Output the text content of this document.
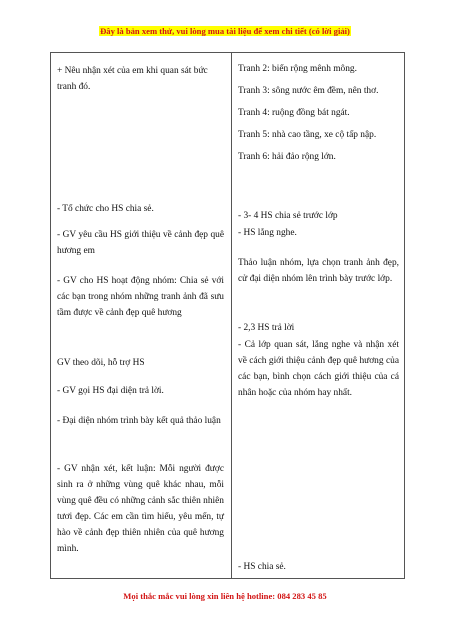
Đây là bản xem thử, vui lòng mua tài liệu để xem chi tiết (có lời giải)
+ Nêu nhận xét của em khi quan sát bức tranh đó.
- Tổ chức cho HS chia sẻ.
- GV yêu cầu HS giới thiệu về cảnh đẹp quê hương em
- GV cho HS hoạt động nhóm: Chia sẻ với các bạn trong nhóm những tranh ảnh đã sưu tầm được về cảnh đẹp quê hương
GV theo dõi, hỗ trợ HS
- GV gọi HS đại diện trả lời.
- Đại diện nhóm trình bày kết quả thảo luận
- GV nhận xét, kết luận: Mỗi người được sinh ra ở những vùng quê khác nhau, mỗi vùng quê đều có những cảnh sắc thiên nhiên tươi đẹp. Các em cần tìm hiểu, yêu mến, tự hào về cảnh đẹp thiên nhiên của quê hương mình.
Tranh 2: biển rộng mênh mông.
Tranh 3: sông nước êm đềm, nên thơ.
Tranh 4: ruộng đồng bát ngát.
Tranh 5: nhà cao tầng, xe cộ tấp nập.
Tranh 6: hải đảo rộng lớn.
- 3- 4 HS chia sẻ trước lớp
- HS lắng nghe.
Thảo luận nhóm, lựa chọn tranh ảnh đẹp, cử đại diện nhóm lên trình bày trước lớp.
- 2,3 HS trả lời
- Cả lớp quan sát, lắng nghe và nhận xét về cách giới thiệu cảnh đẹp quê hương của các bạn, bình chọn cách giới thiệu của cá nhân hoặc của nhóm hay nhất.
- HS chia sẻ.
Mọi thắc mắc vui lòng xin liên hệ hotline: 084 283 45 85
